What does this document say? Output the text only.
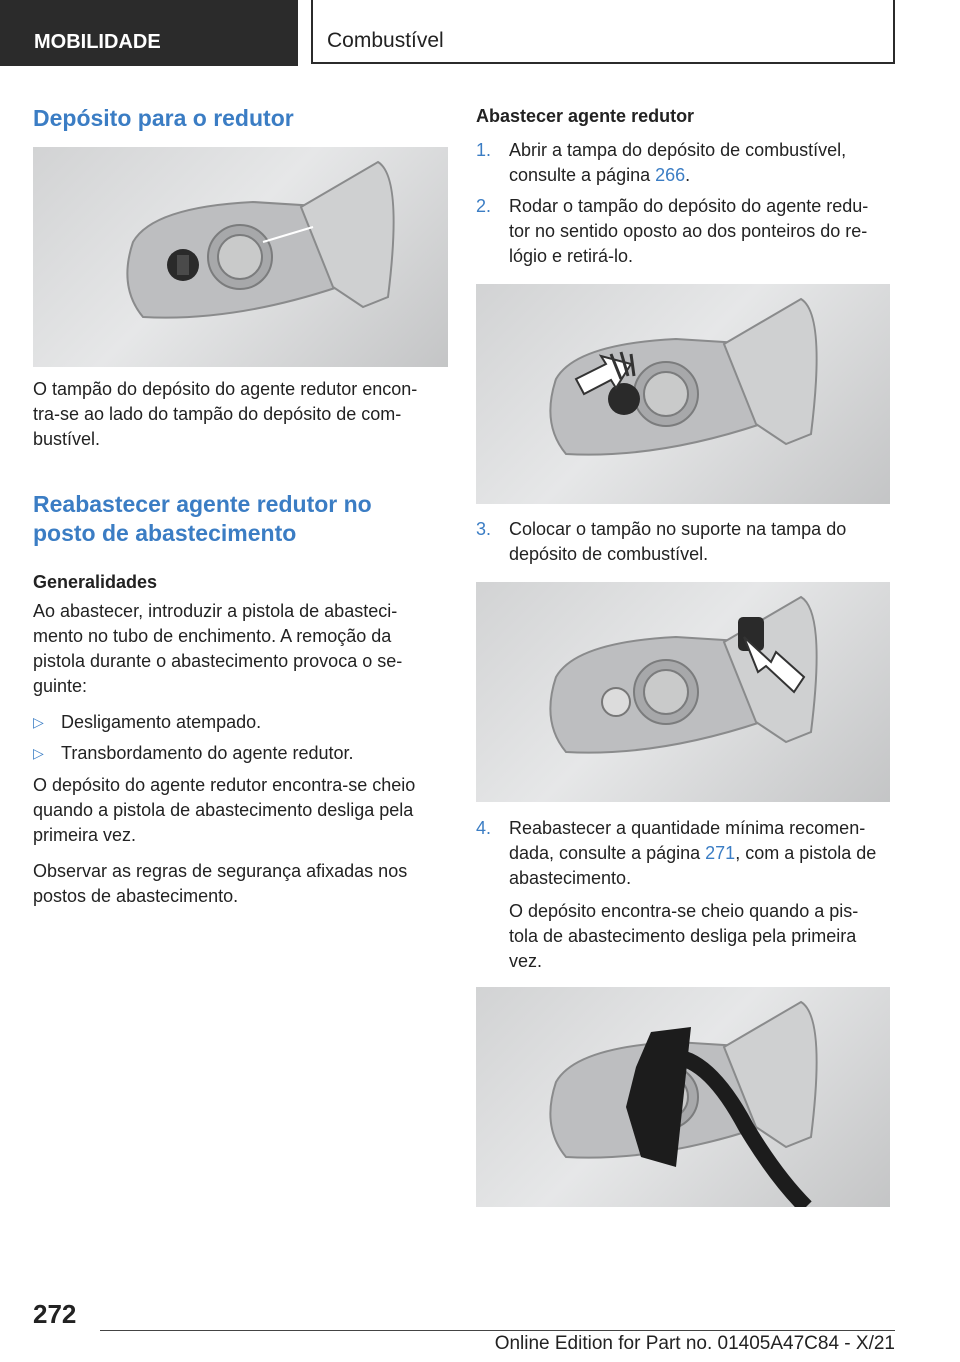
MOBILIDADE	Combustível
Depósito para o redutor

O tampão do depósito do agente redutor encon-
tra-se ao lado do tampão do depósito de com-
bustível.

Reabastecer agente redutor no
posto de abastecimento
Generalidades

Ao abastecer, introduzir a pistola de abasteci-
mento no tubo de enchimento. A remoção da
pistola durante o abastecimento provoca o se-
guinte:

▷ Desligamento atempado.
▷ Transbordamento do agente redutor.

O depósito do agente redutor encontra-se cheio
quando a pistola de abastecimento desliga pela
primeira vez.

Observar as regras de segurança afixadas nos
postos de abastecimento.

Abastecer agente redutor
1. Abrir a tampa do depósito de combustível,
consulte a página 266.
2. Rodar o tampão do depósito do agente redu-
tor no sentido oposto ao dos ponteiros do re-
lógio e retirá-lo.
3. Colocar o tampão no suporte na tampa do
depósito de combustível.
4. Reabastecer a quantidade mínima recomen-
dada, consulte a página 271, com a pistola de
abastecimento.
O depósito encontra-se cheio quando a pis-
tola de abastecimento desliga pela primeira
vez.
272
Online Edition for Part no. 01405A47C84 - X/21
